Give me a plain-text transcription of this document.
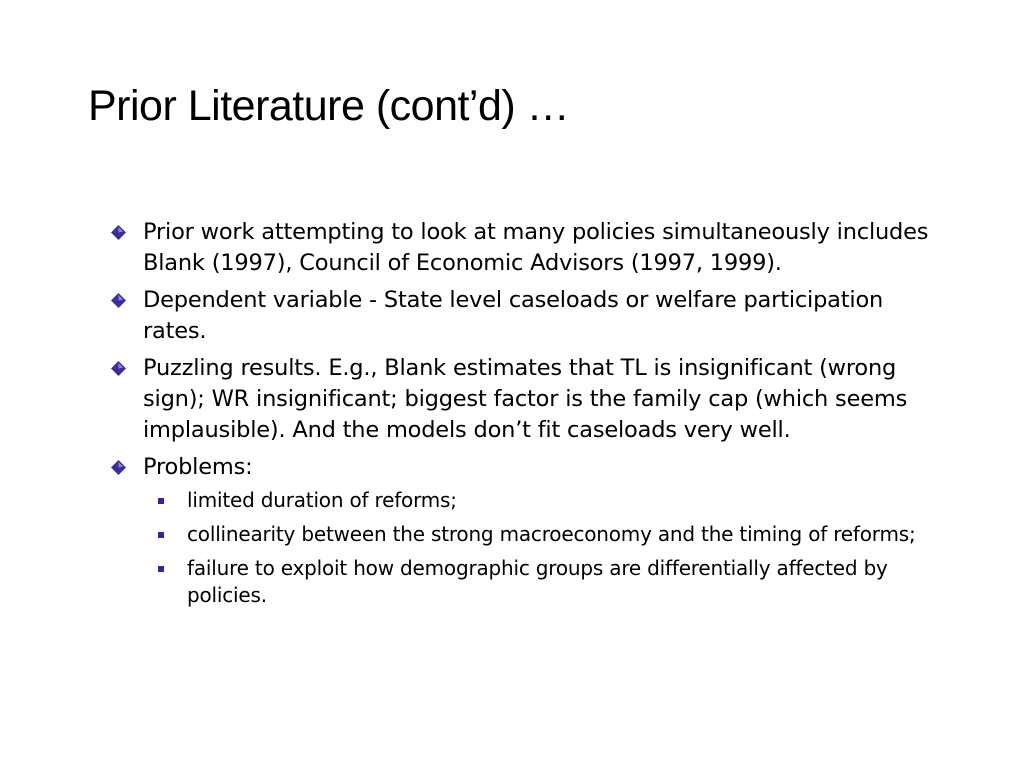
Prior Literature (cont’d) …
Prior work attempting to look at many policies simultaneously includes Blank (1997), Council of Economic Advisors (1997, 1999).
Dependent variable - State level caseloads or welfare participation rates.
Puzzling results. E.g., Blank estimates that TL is insignificant (wrong sign); WR insignificant; biggest factor is the family cap (which seems implausible). And the models don’t fit caseloads very well.
Problems:
limited duration of reforms;
collinearity between the strong macroeconomy and the timing of reforms;
failure to exploit how demographic groups are differentially affected by policies.
